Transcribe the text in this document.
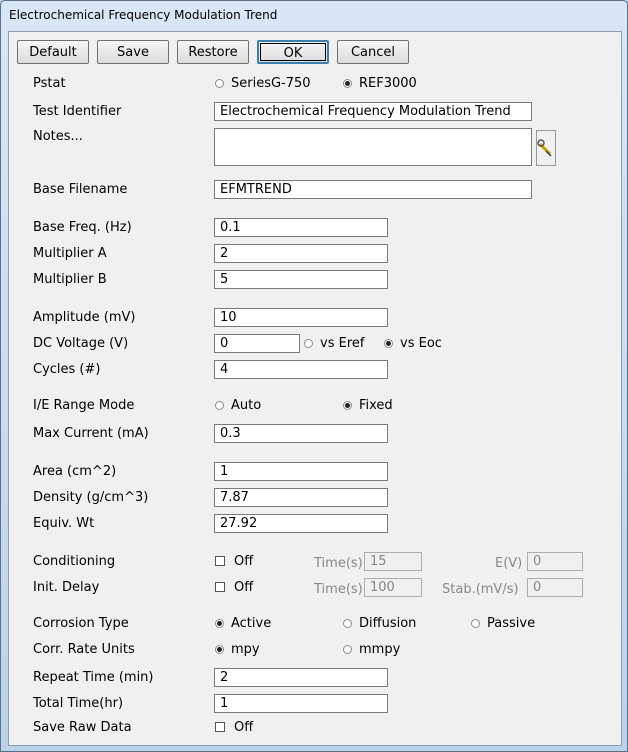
Electrochemical Frequency Modulation Trend
Default	Save	Restore	OK	Cancel
Pstat	SeriesG-750	REF3000
Test Identifier	Electrochemical Frequency Modulation Trend
Notes...
Base Filename	EFMTREND
Base Freq. (Hz)	0.1
Multiplier A	2
Multiplier B	5
Amplitude (mV)	10
DC Voltage (V)	0	vs Eref	vs Eoc
Cycles (#)	4
I/E Range Mode	Auto	Fixed
Max Current (mA)	0.3
Area (cm^2)	1
Density (g/cm^3)	7.87
Equiv. Wt	27.92
Conditioning	Off	Time(s) 15	E(V) 0
Init. Delay	Off	Time(s) 100	Stab.(mV/s)	0
Corrosion Type	Active	Diffusion	Passive
Corr. Rate Units	mpy	mmpy
Repeat Time (min)	2
Total Time(hr)	1
Save Raw Data	Off
